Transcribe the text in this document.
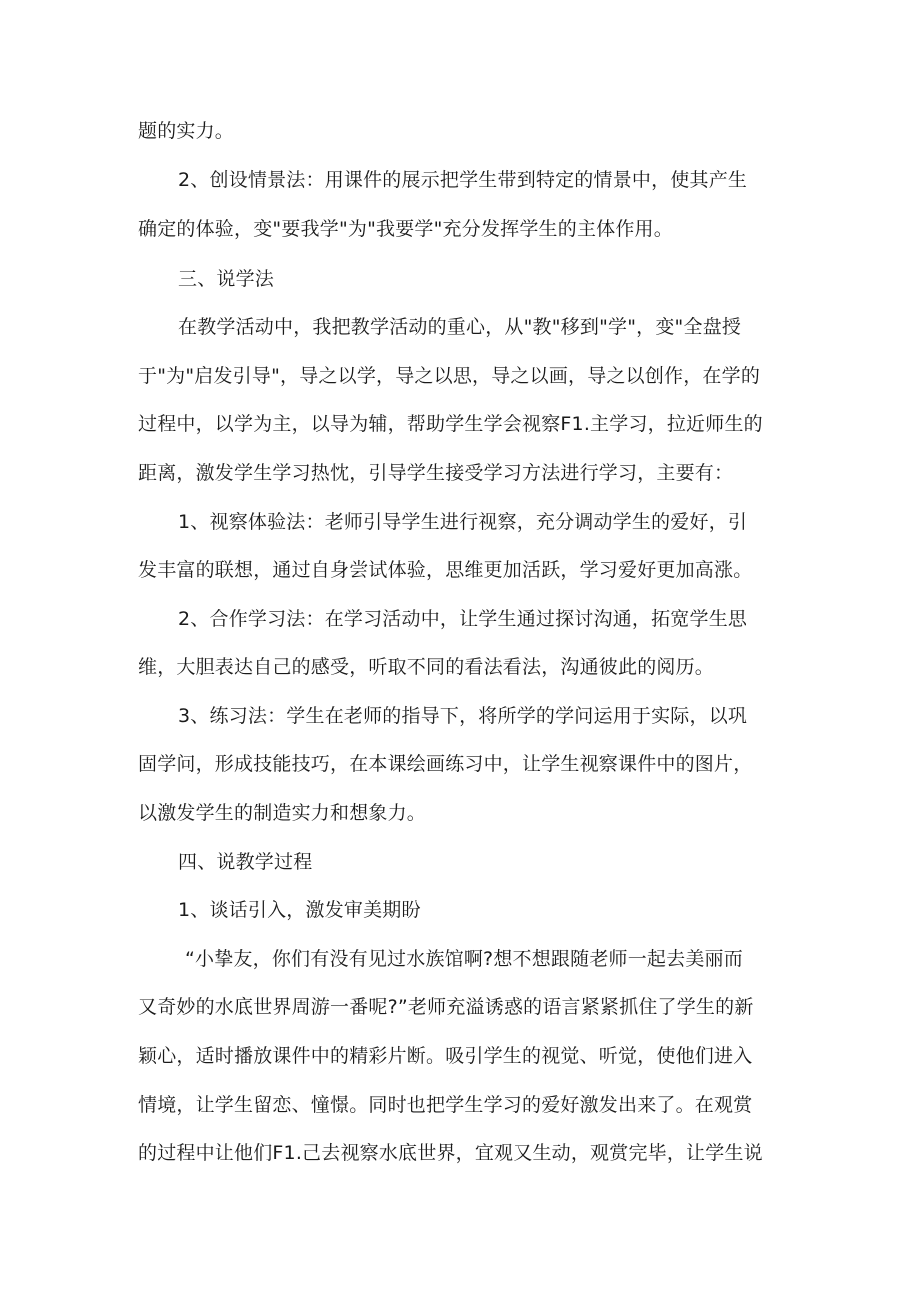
题的实力。
2、创设情景法：用课件的展示把学生带到特定的情景中，使其产生
确定的体验，变"要我学"为"我要学"充分发挥学生的主体作用。
三、说学法
在教学活动中，我把教学活动的重心，从"教"移到"学"，变"全盘授
于"为"启发引导"，导之以学，导之以思，导之以画，导之以创作，在学的
过程中，以学为主，以导为辅，帮助学生学会视察F1.主学习，拉近师生的
距离，激发学生学习热忱，引导学生接受学习方法进行学习，主要有：
1、视察体验法：老师引导学生进行视察，充分调动学生的爱好，引
发丰富的联想，通过自身尝试体验，思维更加活跃，学习爱好更加高涨。
2、合作学习法：在学习活动中，让学生通过探讨沟通，拓宽学生思
维，大胆表达自己的感受，听取不同的看法看法，沟通彼此的阅历。
3、练习法：学生在老师的指导下，将所学的学问运用于实际，以巩
固学问，形成技能技巧，在本课绘画练习中，让学生视察课件中的图片，
以激发学生的制造实力和想象力。
四、说教学过程
1、谈话引入，激发审美期盼
“小挚友，你们有没有见过水族馆啊?想不想跟随老师一起去美丽而
又奇妙的水底世界周游一番呢?”老师充溢诱惑的语言紧紧抓住了学生的新
颖心，适时播放课件中的精彩片断。吸引学生的视觉、听觉，使他们进入
情境，让学生留恋、憧憬。同时也把学生学习的爱好激发出来了。在观赏
的过程中让他们F1.己去视察水底世界，宜观又生动，观赏完毕，让学生说
